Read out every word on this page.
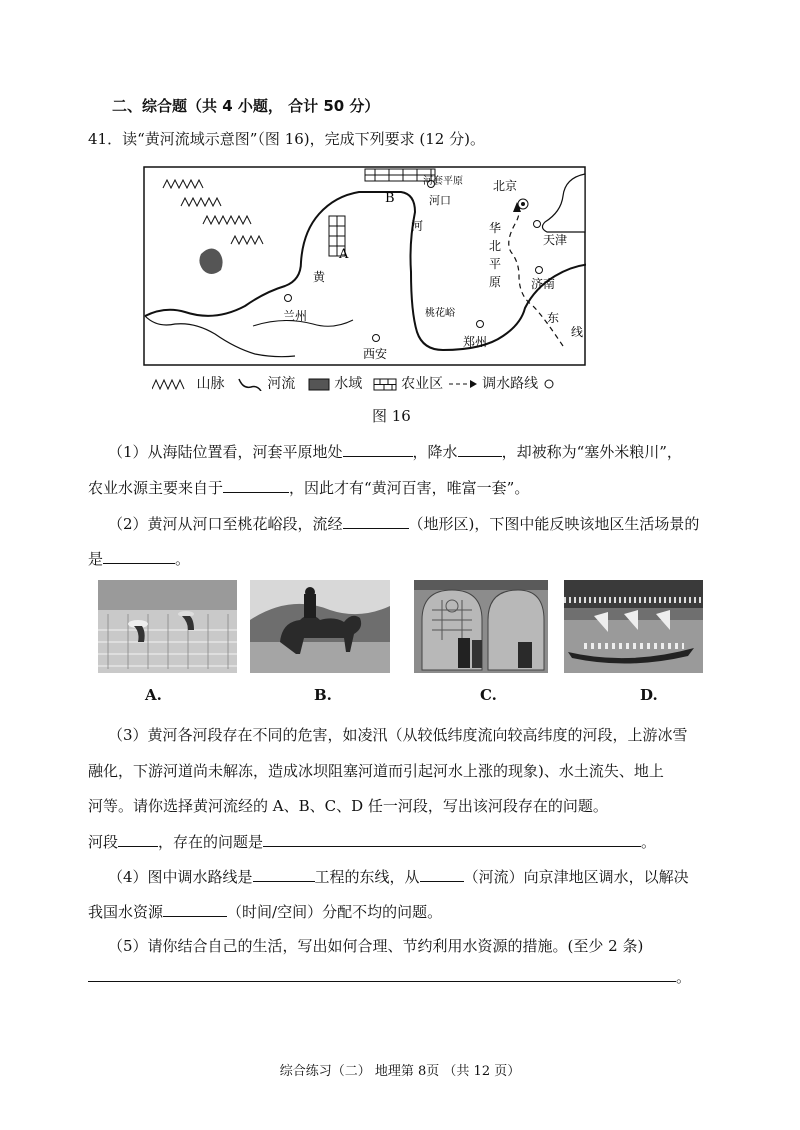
二、综合题（共 4 小题， 合计 50 分）
41．读“黄河流域示意图”（图 16)，完成下列要求 (12 分)。
河套平原
河口
北京
天津
华
北
平
原 济南
河
黄
兰州
西安
桃花峪
郑州
东
线
A
B
山脉	河流	水域	农业区	调水路线
图 16
（1）从海陆位置看，河套平原地处	，降水	，却被称为“塞外米粮川”，
农业水源主要来自于	，因此才有“黄河百害，唯富一套”。
（2）黄河从河口至桃花峪段，流经	（地形区)，下图中能反映该地区生活场景的
是	。
A.	B.	C.	D.
（3）黄河各河段存在不同的危害，如凌汛（从较低纬度流向较高纬度的河段，上游冰雪
融化，下游河道尚未解冻，造成冰坝阻塞河道而引起河水上涨的现象)、水土流失、地上
河等。请你选择黄河流经的 A、B、C、D 任一河段，写出该河段存在的问题。
河段	，存在的问题是	。
（4）图中调水路线是	工程的东线，从	（河流）向京津地区调水，以解决
我国水资源	（时间/空间）分配不均的问题。
（5）请你结合自己的生活，写出如何合理、节约利用水资源的措施。(至少 2 条)
。
综合练习（二） 地理第 8页 （共 12 页）
